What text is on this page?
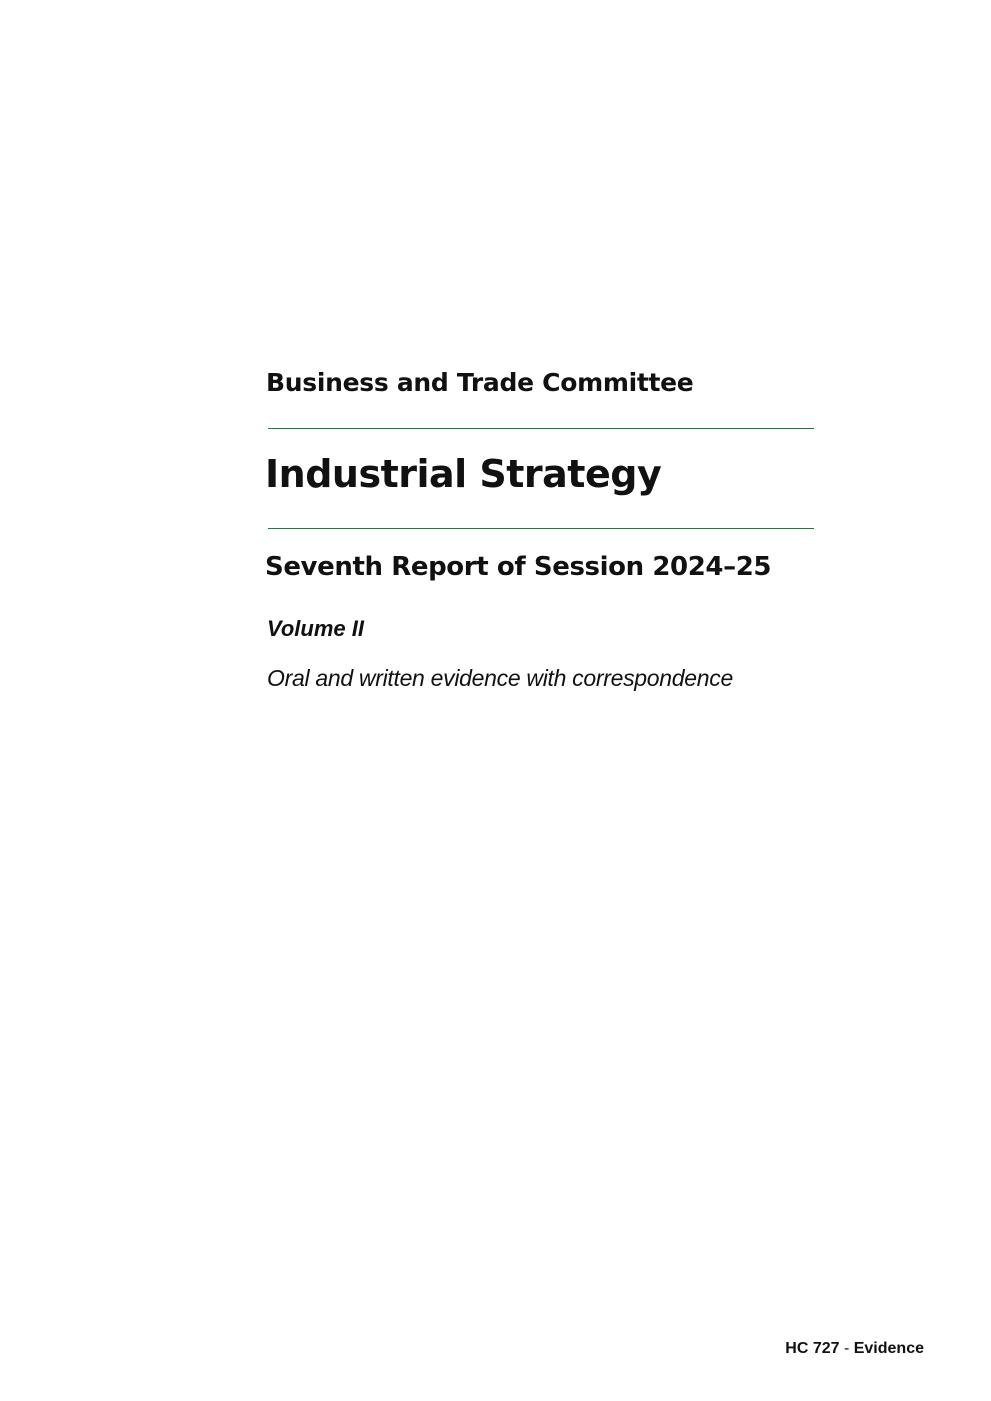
Business and Trade Committee
Industrial Strategy
Seventh Report of Session 2024–25
Volume II
Oral and written evidence with correspondence
HC 727 - Evidence
